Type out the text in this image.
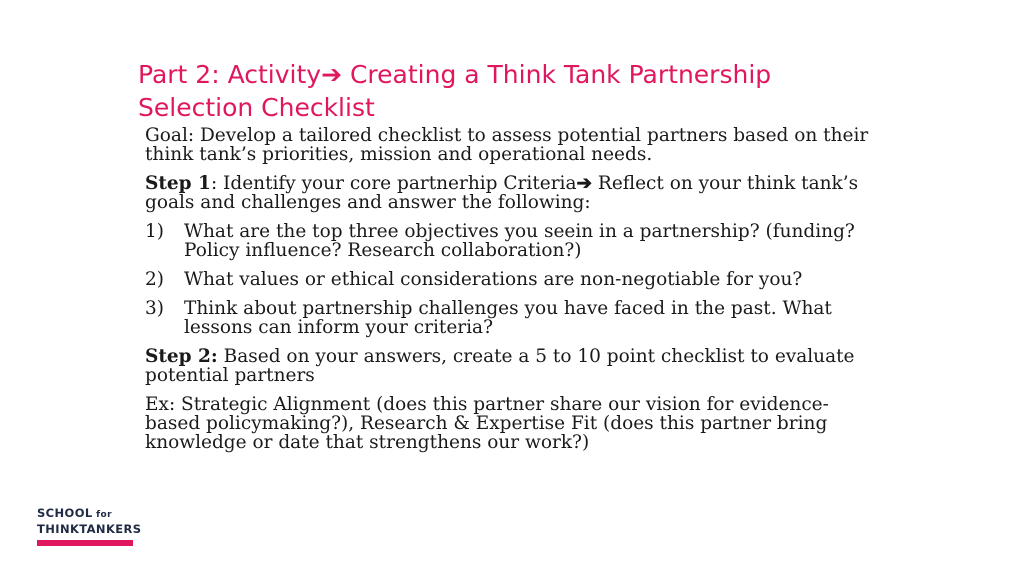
Part 2: Activity➔ Creating a Think Tank Partnership
Selection Checklist
Goal: Develop a tailored checklist to assess potential partners based on their
think tank’s priorities, mission and operational needs.
Step 1: Identify your core partnerhip Criteria➔ Reflect on your think tank’s
goals and challenges and answer the following:
1)	What are the top three objectives you seein in a partnership? (funding?
Policy influence? Research collaboration?)
2)	What values or ethical considerations are non-negotiable for you?
3)	Think about partnership challenges you have faced in the past. What
lessons can inform your criteria?
Step 2: Based on your answers, create a 5 to 10 point checklist to evaluate
potential partners
Ex: Strategic Alignment (does this partner share our vision for evidence-
based policymaking?), Research & Expertise Fit (does this partner bring
knowledge or date that strengthens our work?)
SCHOOL for
THINKTANKERS
